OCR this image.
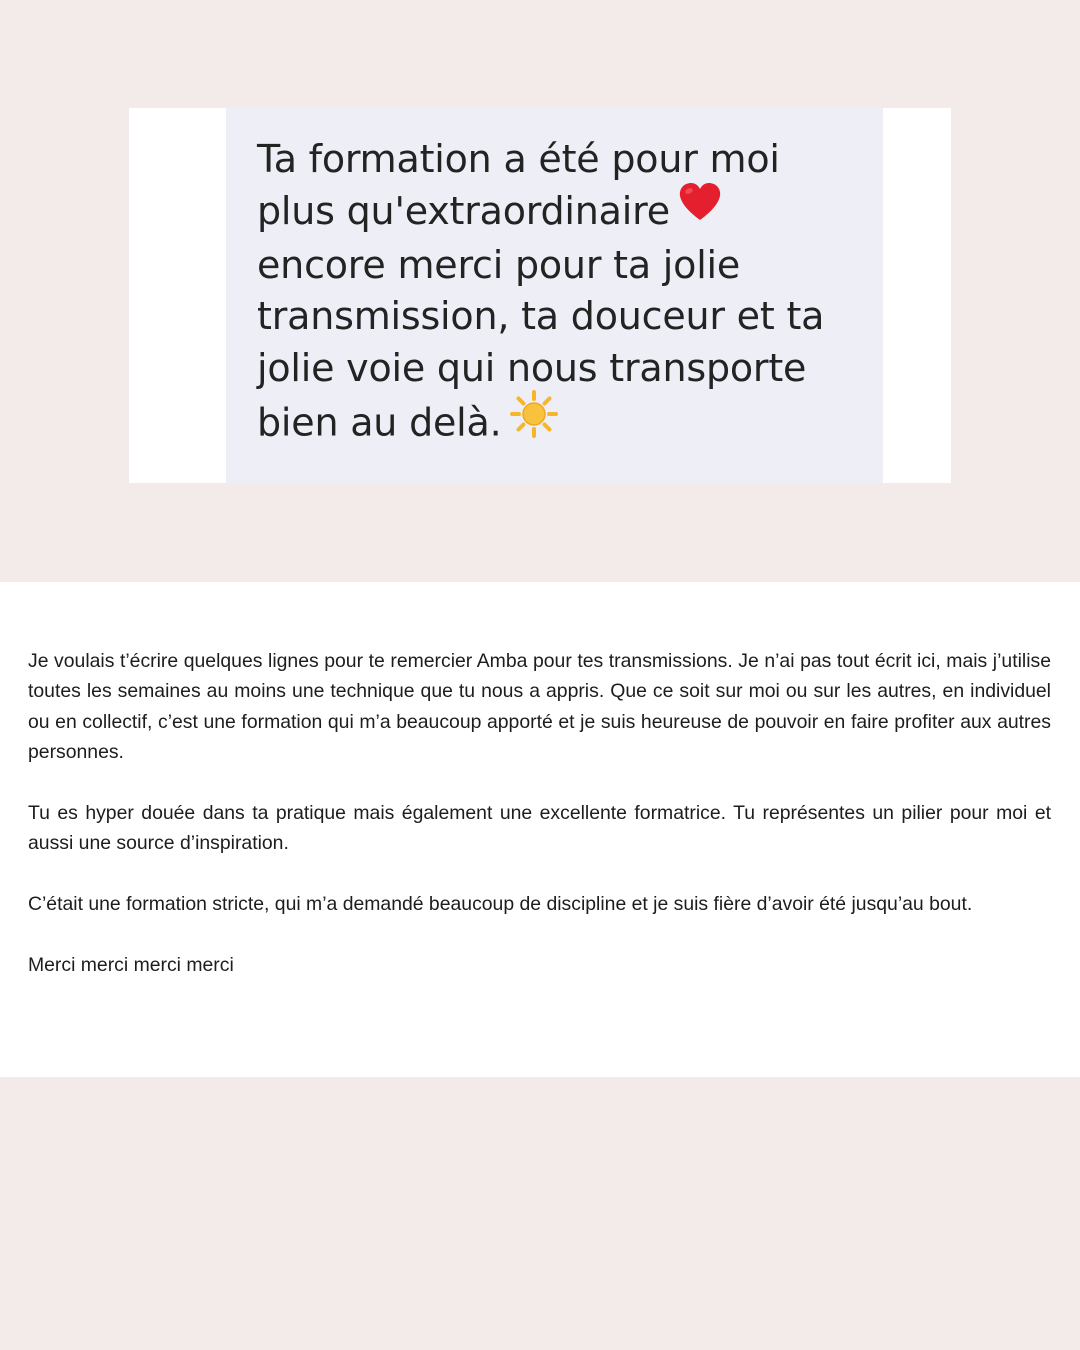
Ta formation a été pour moi
plus qu'extraordinaire
encore merci pour ta jolie
transmission, ta douceur et ta
jolie voie qui nous transporte
bien au delà.

Je voulais t’écrire quelques lignes pour te remercier Amba pour tes transmissions. Je n’ai pas tout écrit ici, mais j’utilise toutes les semaines au moins une technique que tu nous a appris. Que ce soit sur moi ou sur les autres, en individuel ou en collectif, c’est une formation qui m’a beaucoup apporté et je suis heureuse de pouvoir en faire profiter aux autres personnes.

Tu es hyper douée dans ta pratique mais également une excellente formatrice. Tu représentes un pilier pour moi et aussi une source d’inspiration.

C’était une formation stricte, qui m’a demandé beaucoup de discipline et je suis fière d’avoir été jusqu’au bout.

Merci merci merci merci
